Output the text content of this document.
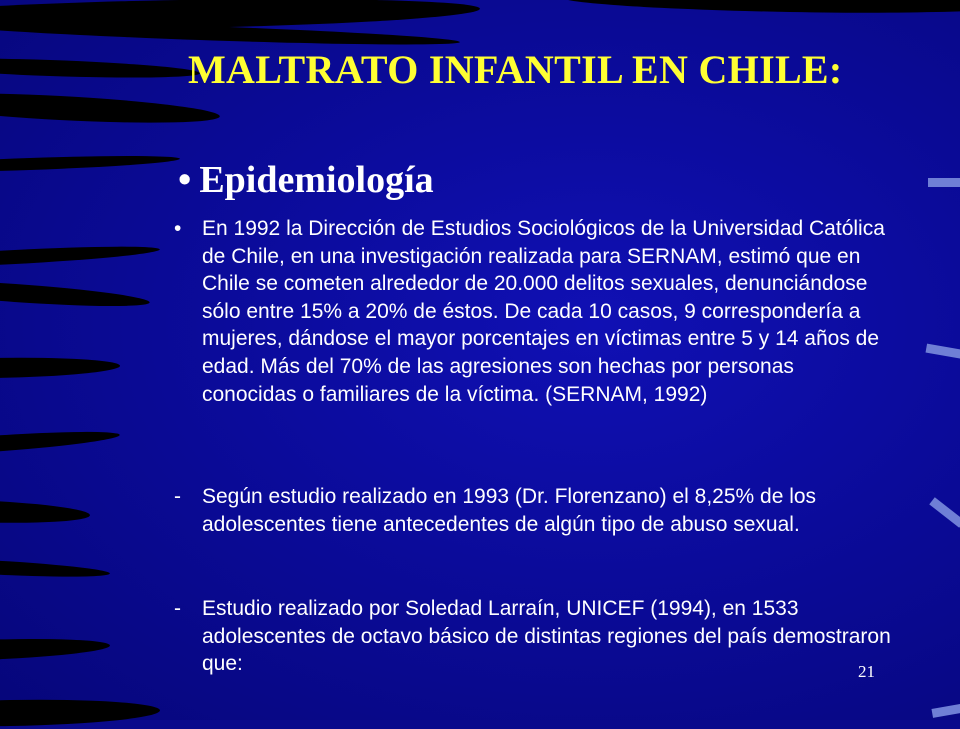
MALTRATO INFANTIL EN CHILE:
• Epidemiología
• En 1992 la Dirección de Estudios Sociológicos de la Universidad Católica de Chile, en una investigación realizada para SERNAM, estimó que en Chile se cometen alrededor de 20.000 delitos sexuales, denunciándose sólo entre 15% a 20% de éstos. De cada 10 casos, 9 correspondería a mujeres, dándose el mayor porcentajes en víctimas entre 5 y 14 años de edad. Más del 70% de las agresiones son hechas por personas conocidas o familiares de la víctima. (SERNAM, 1992)
-	Según estudio realizado en 1993 (Dr. Florenzano) el 8,25% de los adolescentes tiene antecedentes de algún tipo de abuso sexual.
-	Estudio realizado por Soledad Larraín, UNICEF (1994), en 1533 adolescentes de octavo básico de distintas regiones del país demostraron que:	21
